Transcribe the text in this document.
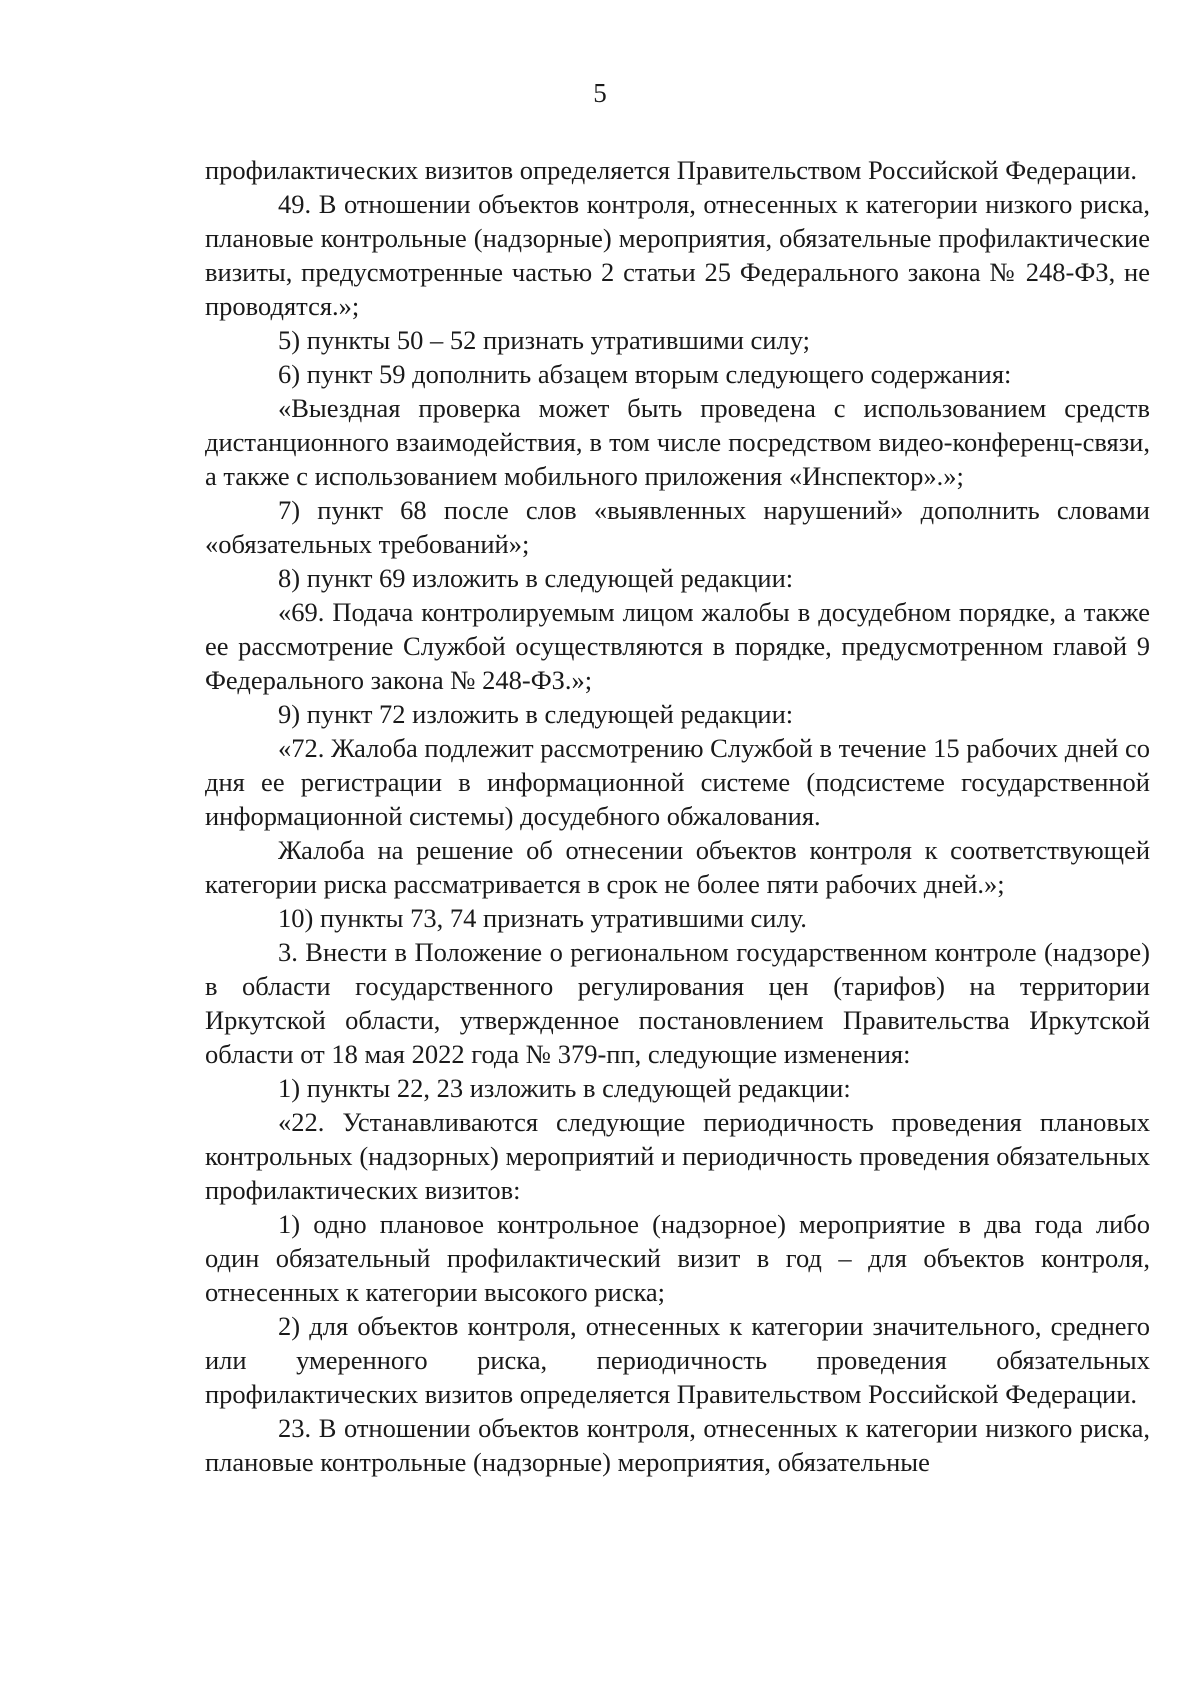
5

профилактических визитов определяется Правительством Российской Федерации.

49. В отношении объектов контроля, отнесенных к категории низкого риска, плановые контрольные (надзорные) мероприятия, обязательные профилактические визиты, предусмотренные частью 2 статьи 25 Федерального закона № 248-ФЗ, не проводятся.»;

5) пункты 50 – 52 признать утратившими силу;

6) пункт 59 дополнить абзацем вторым следующего содержания:

«Выездная проверка может быть проведена с использованием средств дистанционного взаимодействия, в том числе посредством видео-конференц-связи, а также с использованием мобильного приложения «Инспектор».»;

7) пункт 68 после слов «выявленных нарушений» дополнить словами «обязательных требований»;

8) пункт 69 изложить в следующей редакции:

«69. Подача контролируемым лицом жалобы в досудебном порядке, а также ее рассмотрение Службой осуществляются в порядке, предусмотренном главой 9 Федерального закона № 248-ФЗ.»;

9) пункт 72 изложить в следующей редакции:

«72. Жалоба подлежит рассмотрению Службой в течение 15 рабочих дней со дня ее регистрации в информационной системе (подсистеме государственной информационной системы) досудебного обжалования.

Жалоба на решение об отнесении объектов контроля к соответствующей категории риска рассматривается в срок не более пяти рабочих дней.»;

10) пункты 73, 74 признать утратившими силу.

3. Внести в Положение о региональном государственном контроле (надзоре) в области государственного регулирования цен (тарифов) на территории Иркутской области, утвержденное постановлением Правительства Иркутской области от 18 мая 2022 года № 379-пп, следующие изменения:

1) пункты 22, 23 изложить в следующей редакции:

«22. Устанавливаются следующие периодичность проведения плановых контрольных (надзорных) мероприятий и периодичность проведения обязательных профилактических визитов:

1) одно плановое контрольное (надзорное) мероприятие в два года либо один обязательный профилактический визит в год – для объектов контроля, отнесенных к категории высокого риска;

2) для объектов контроля, отнесенных к категории значительного, среднего или умеренного риска, периодичность проведения обязательных профилактических визитов определяется Правительством Российской Федерации.

23. В отношении объектов контроля, отнесенных к категории низкого риска, плановые контрольные (надзорные) мероприятия, обязательные
